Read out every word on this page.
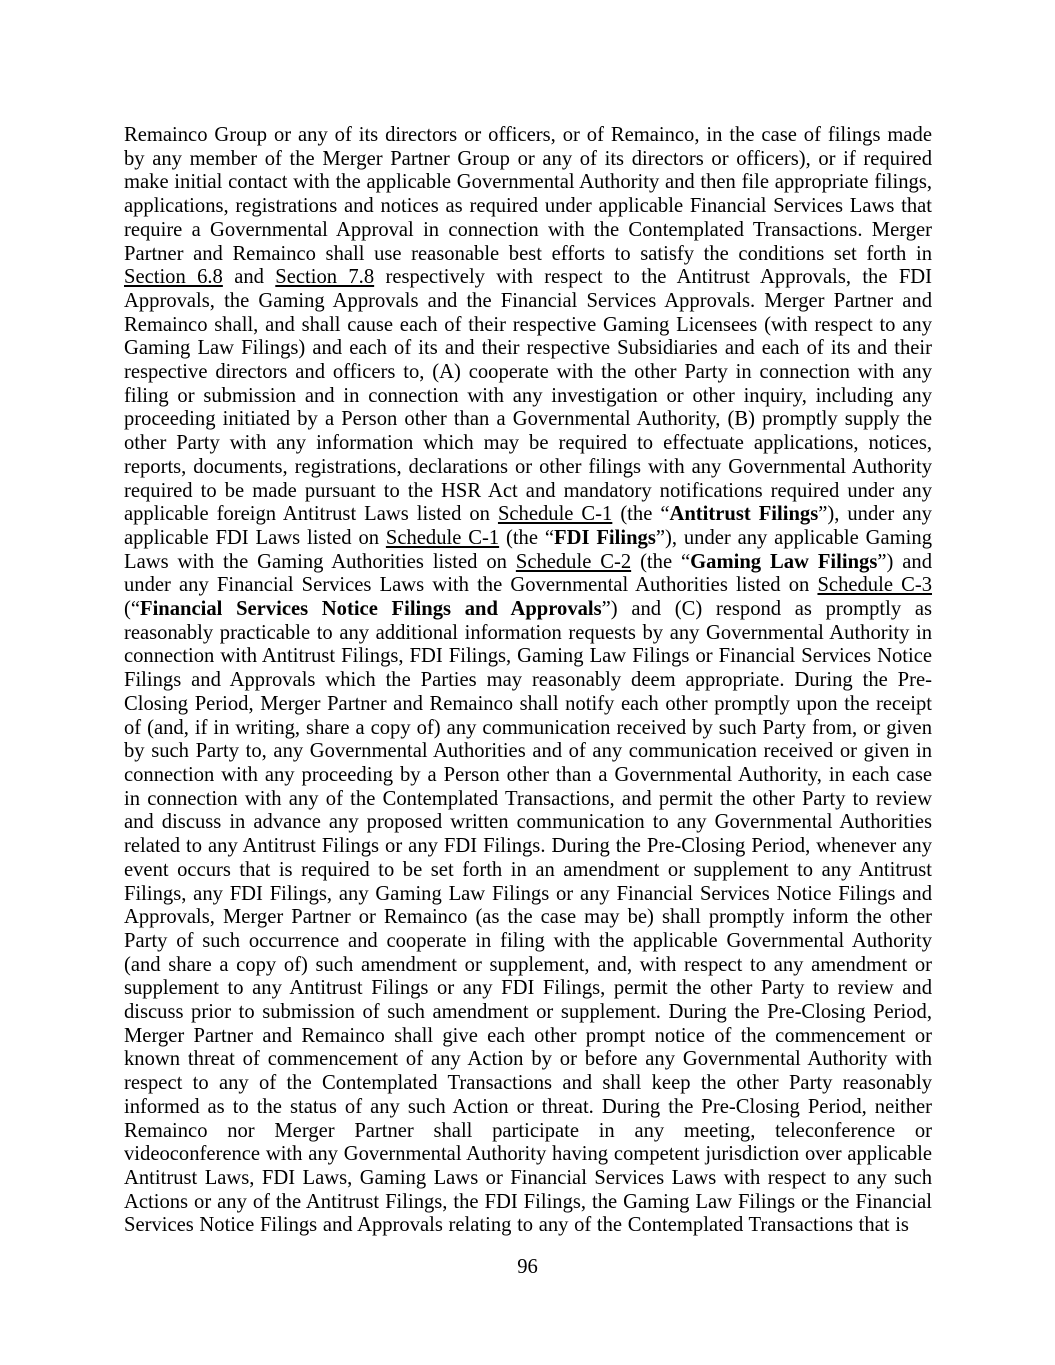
Remainco Group or any of its directors or officers, or of Remainco, in the case of filings made by any member of the Merger Partner Group or any of its directors or officers), or if required make initial contact with the applicable Governmental Authority and then file appropriate filings, applications, registrations and notices as required under applicable Financial Services Laws that require a Governmental Approval in connection with the Contemplated Transactions. Merger Partner and Remainco shall use reasonable best efforts to satisfy the conditions set forth in Section 6.8 and Section 7.8 respectively with respect to the Antitrust Approvals, the FDI Approvals, the Gaming Approvals and the Financial Services Approvals. Merger Partner and Remainco shall, and shall cause each of their respective Gaming Licensees (with respect to any Gaming Law Filings) and each of its and their respective Subsidiaries and each of its and their respective directors and officers to, (A) cooperate with the other Party in connection with any filing or submission and in connection with any investigation or other inquiry, including any proceeding initiated by a Person other than a Governmental Authority, (B) promptly supply the other Party with any information which may be required to effectuate applications, notices, reports, documents, registrations, declarations or other filings with any Governmental Authority required to be made pursuant to the HSR Act and mandatory notifications required under any applicable foreign Antitrust Laws listed on Schedule C-1 (the “Antitrust Filings”), under any applicable FDI Laws listed on Schedule C-1 (the “FDI Filings”), under any applicable Gaming Laws with the Gaming Authorities listed on Schedule C-2 (the “Gaming Law Filings”) and under any Financial Services Laws with the Governmental Authorities listed on Schedule C-3 (“Financial Services Notice Filings and Approvals”) and (C) respond as promptly as reasonably practicable to any additional information requests by any Governmental Authority in connection with Antitrust Filings, FDI Filings, Gaming Law Filings or Financial Services Notice Filings and Approvals which the Parties may reasonably deem appropriate. During the Pre-Closing Period, Merger Partner and Remainco shall notify each other promptly upon the receipt of (and, if in writing, share a copy of) any communication received by such Party from, or given by such Party to, any Governmental Authorities and of any communication received or given in connection with any proceeding by a Person other than a Governmental Authority, in each case in connection with any of the Contemplated Transactions, and permit the other Party to review and discuss in advance any proposed written communication to any Governmental Authorities related to any Antitrust Filings or any FDI Filings. During the Pre-Closing Period, whenever any event occurs that is required to be set forth in an amendment or supplement to any Antitrust Filings, any FDI Filings, any Gaming Law Filings or any Financial Services Notice Filings and Approvals, Merger Partner or Remainco (as the case may be) shall promptly inform the other Party of such occurrence and cooperate in filing with the applicable Governmental Authority (and share a copy of) such amendment or supplement, and, with respect to any amendment or supplement to any Antitrust Filings or any FDI Filings, permit the other Party to review and discuss prior to submission of such amendment or supplement. During the Pre-Closing Period, Merger Partner and Remainco shall give each other prompt notice of the commencement or known threat of commencement of any Action by or before any Governmental Authority with respect to any of the Contemplated Transactions and shall keep the other Party reasonably informed as to the status of any such Action or threat. During the Pre-Closing Period, neither Remainco nor Merger Partner shall participate in any meeting, teleconference or videoconference with any Governmental Authority having competent jurisdiction over applicable Antitrust Laws, FDI Laws, Gaming Laws or Financial Services Laws with respect to any such Actions or any of the Antitrust Filings, the FDI Filings, the Gaming Law Filings or the Financial Services Notice Filings and Approvals relating to any of the Contemplated Transactions that is
96
